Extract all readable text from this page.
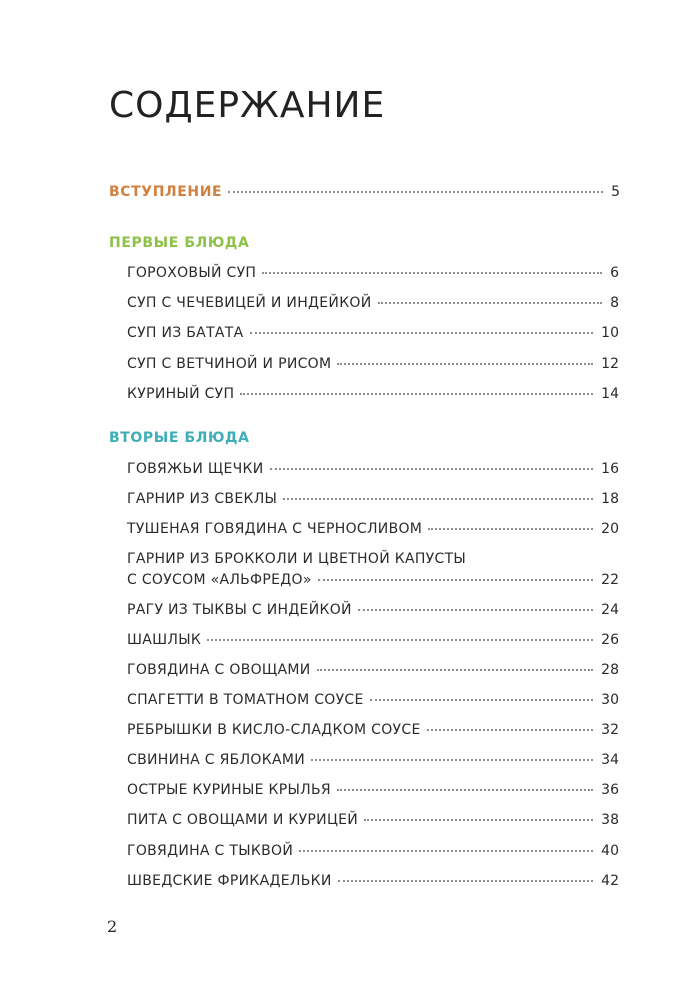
СОДЕРЖАНИЕ
ВСТУПЛЕНИЕ	5
ПЕРВЫЕ БЛЮДА
ГОРОХОВЫЙ СУП	6
СУП С ЧЕЧЕВИЦЕЙ И ИНДЕЙКОЙ	8
СУП ИЗ БАТАТА	10
СУП С ВЕТЧИНОЙ И РИСОМ	12
КУРИНЫЙ СУП	14
ВТОРЫЕ БЛЮДА
ГОВЯЖЬИ ЩЕЧКИ	16
ГАРНИР ИЗ СВЕКЛЫ	18
ТУШЕНАЯ ГОВЯДИНА С ЧЕРНОСЛИВОМ	20
ГАРНИР ИЗ БРОККОЛИ И ЦВЕТНОЙ КАПУСТЫ
С СОУСОМ «АЛЬФРЕДО»	22
РАГУ ИЗ ТЫКВЫ С ИНДЕЙКОЙ	24
ШАШЛЫК	26
ГОВЯДИНА С ОВОЩАМИ	28
СПАГЕТТИ В ТОМАТНОМ СОУСЕ	30
РЕБРЫШКИ В КИСЛО-СЛАДКОМ СОУСЕ	32
СВИНИНА С ЯБЛОКАМИ	34
ОСТРЫЕ КУРИНЫЕ КРЫЛЬЯ	36
ПИТА С ОВОЩАМИ И КУРИЦЕЙ	38
ГОВЯДИНА С ТЫКВОЙ	40
ШВЕДСКИЕ ФРИКАДЕЛЬКИ	42
2
